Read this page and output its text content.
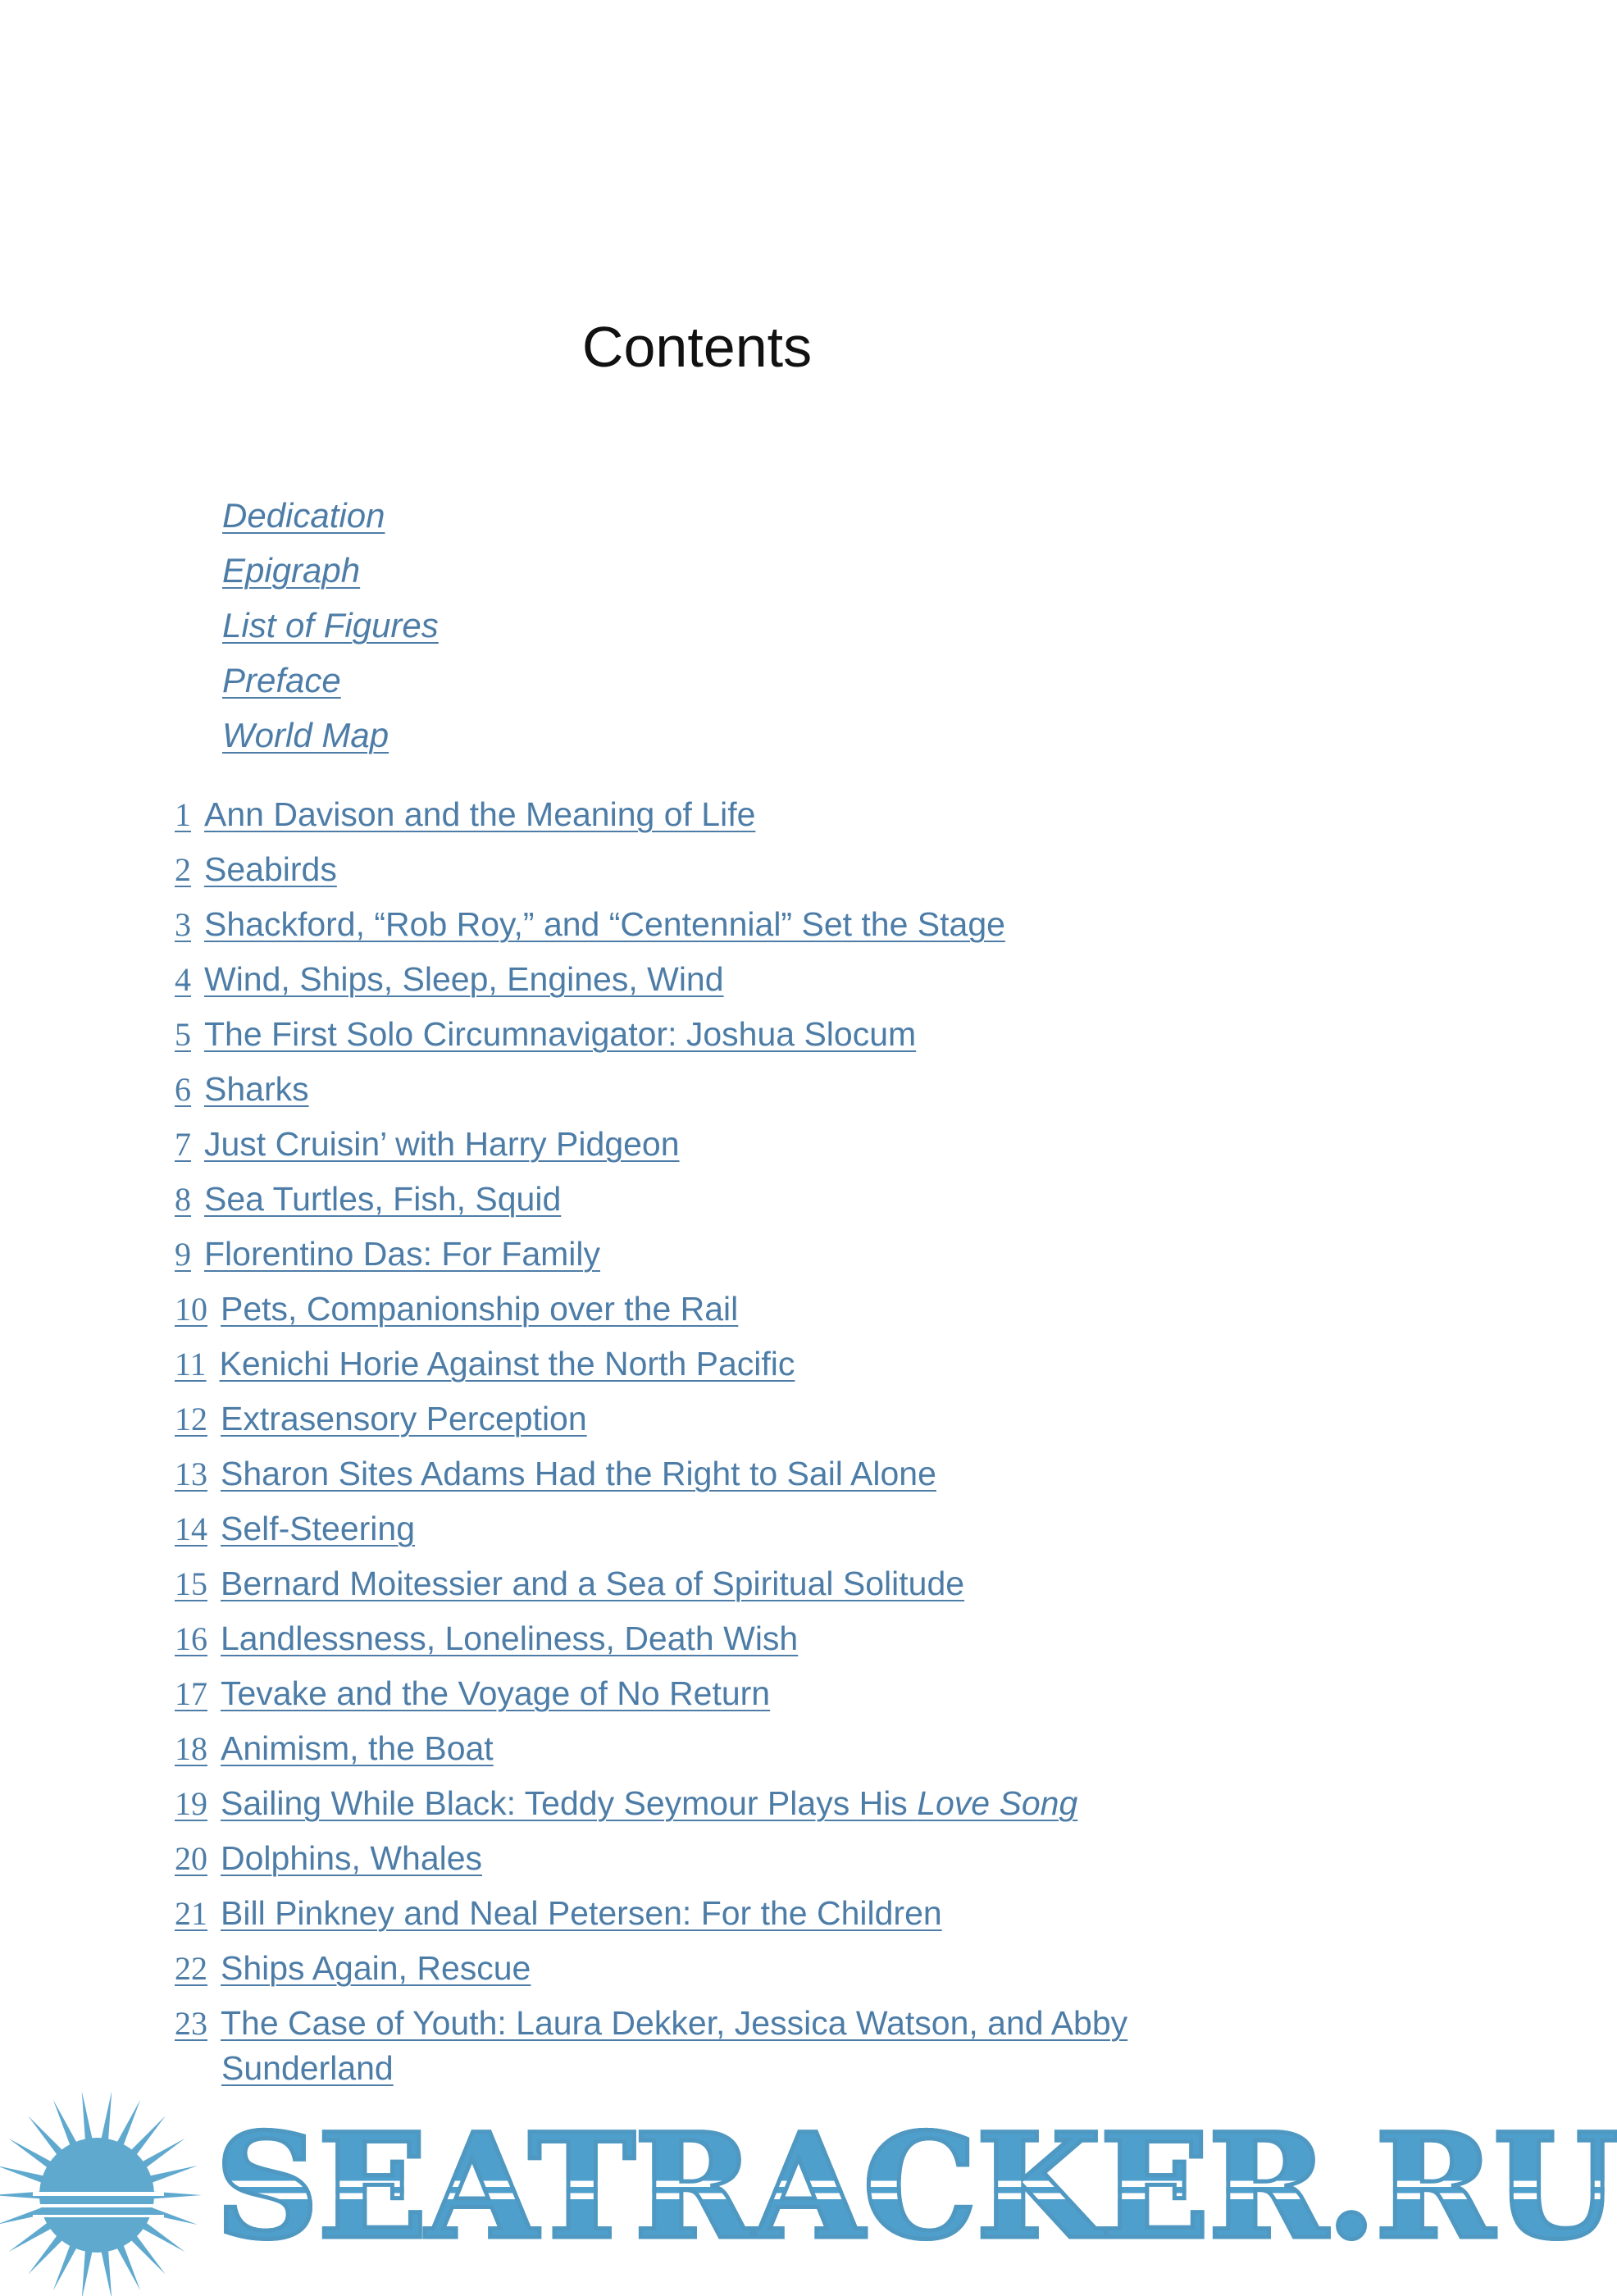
Contents
Dedication
Epigraph
List of Figures
Preface
World Map
1 Ann Davison and the Meaning of Life
2 Seabirds
3 Shackford, “Rob Roy,” and “Centennial” Set the Stage
4 Wind, Ships, Sleep, Engines, Wind
5 The First Solo Circumnavigator: Joshua Slocum
6 Sharks
7 Just Cruisin’ with Harry Pidgeon
8 Sea Turtles, Fish, Squid
9 Florentino Das: For Family
10 Pets, Companionship over the Rail
11 Kenichi Horie Against the North Pacific
12 Extrasensory Perception
13 Sharon Sites Adams Had the Right to Sail Alone
14 Self-Steering
15 Bernard Moitessier and a Sea of Spiritual Solitude
16 Landlessness, Loneliness, Death Wish
17 Tevake and the Voyage of No Return
18 Animism, the Boat
19 Sailing While Black: Teddy Seymour Plays His Love Song
20 Dolphins, Whales
21 Bill Pinkney and Neal Petersen: For the Children
22 Ships Again, Rescue
23 The Case of Youth: Laura Dekker, Jessica Watson, and Abby Sunderland
SEATRACKER.RU
